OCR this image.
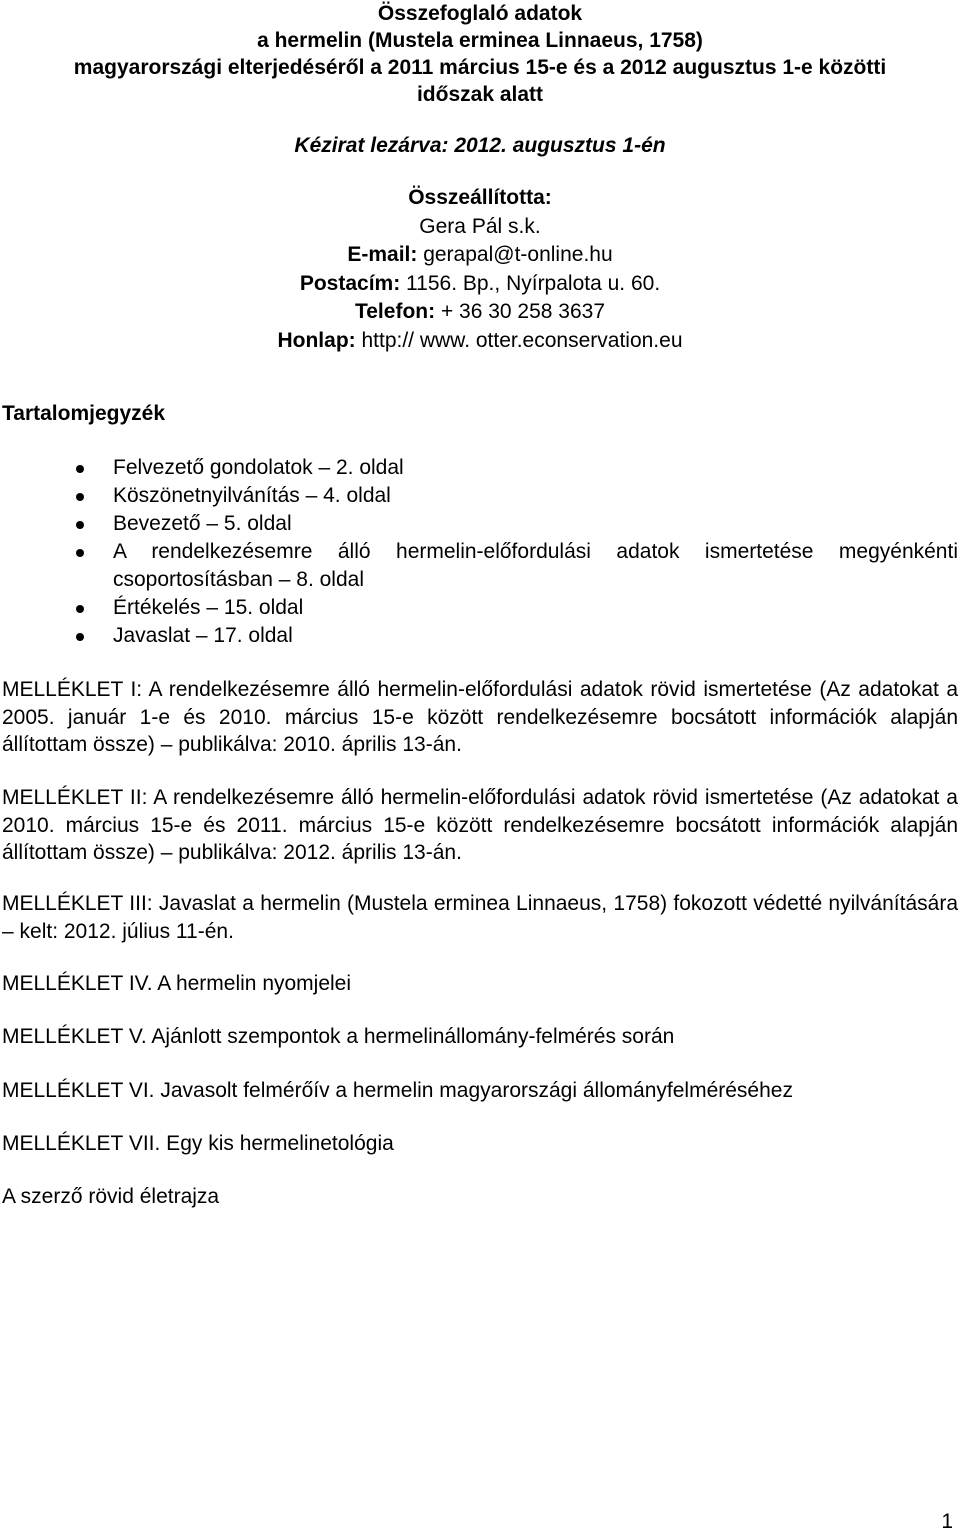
Összefoglaló adatok

a hermelin (Mustela erminea Linnaeus, 1758)

magyarországi elterjedéséről a 2011 március 15-e és a 2012 augusztus 1-e közötti

időszak alatt

Kézirat lezárva: 2012. augusztus 1-én
Összeállította:
Gera Pál s.k.
E-mail: gerapal@t-online.hu
Postacím: 1156. Bp., Nyírpalota u. 60.
Telefon: + 36 30 258 3637
Honlap: http:// www. otter.econservation.eu
Tartalomjegyzék
Felvezető gondolatok – 2. oldal
Köszönetnyilvánítás – 4. oldal
Bevezető – 5. oldal
A rendelkezésemre álló hermelin-előfordulási adatok ismertetése megyénkénti csoportosításban – 8. oldal
Értékelés – 15. oldal
Javaslat – 17. oldal
MELLÉKLET I: A rendelkezésemre álló hermelin-előfordulási adatok rövid ismertetése (Az adatokat a 2005. január 1-e és 2010. március 15-e között rendelkezésemre bocsátott információk alapján állítottam össze) – publikálva: 2010. április 13-án.
MELLÉKLET II: A rendelkezésemre álló hermelin-előfordulási adatok rövid ismertetése (Az adatokat a 2010. március 15-e és 2011. március 15-e között rendelkezésemre bocsátott információk alapján állítottam össze) – publikálva: 2012. április 13-án.
MELLÉKLET III: Javaslat a hermelin (Mustela erminea Linnaeus, 1758) fokozott védetté nyilvánítására – kelt: 2012. július 11-én.
MELLÉKLET IV. A hermelin nyomjelei
MELLÉKLET V. Ajánlott szempontok a hermelinállomány-felmérés során
MELLÉKLET VI. Javasolt felmérőív a hermelin magyarországi állományfelméréséhez
MELLÉKLET VII. Egy kis hermelinetológia
A szerző rövid életrajza
1
